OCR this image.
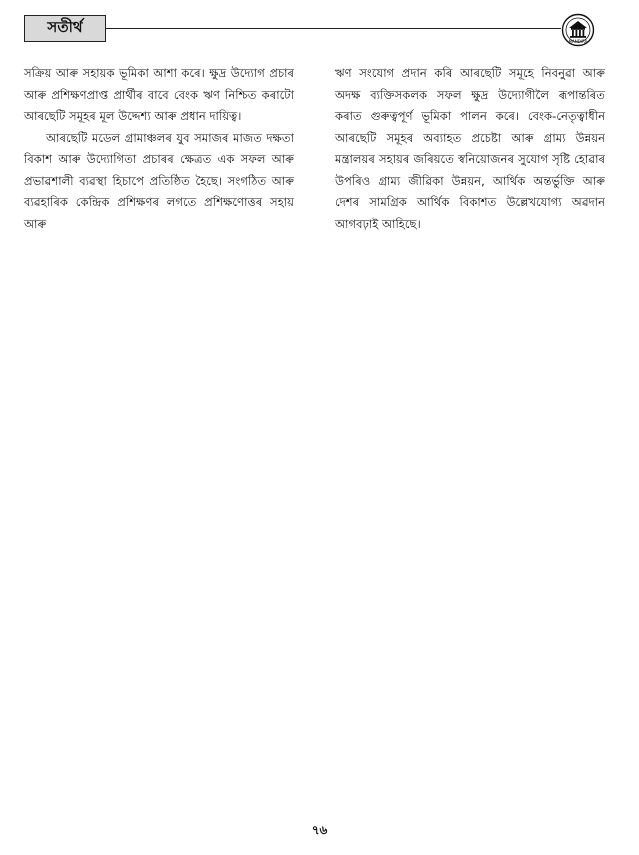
সতীৰ্থ
MANDIRA

সক্রিয় আৰু সহায়ক ভূমিকা আশা কৰে। ক্ষুদ্ৰ উদ্যোগ প্ৰচাৰ আৰু প্ৰশিক্ষণপ্ৰাপ্ত প্ৰাৰ্থীৰ বাবে বেংক ঋণ নিশ্চিত কৰাটো আৰছেটি সমূহৰ মূল উদ্দেশ্য আৰু প্ৰধান দায়িত্ব।

আৰছেটি মডেল গ্ৰামাঞ্চলৰ যুব সমাজৰ মাজত দক্ষতা বিকাশ আৰু উদ্যোগিতা প্ৰচাৰৰ ক্ষেত্ৰত এক সফল আৰু প্ৰভাৱশালী ব্যৱস্থা হিচাপে প্ৰতিষ্ঠিত হৈছে। সংগঠিত আৰু ব্যৱহাৰিক কেন্দ্ৰিক প্ৰশিক্ষণৰ লগতে প্ৰশিক্ষণোত্তৰ সহায় আৰু

ঋণ সংযোগ প্ৰদান কৰি আৰছেটি সমূহে নিবনুৱা আৰু অদক্ষ ব্যক্তিসকলক সফল ক্ষুদ্ৰ উদ্যোগীলৈ ৰূপান্তৰিত কৰাত গুৰুত্বপূৰ্ণ ভূমিকা পালন কৰে। বেংক-নেতৃত্বাধীন আৰছেটি সমূহৰ অব্যাহত প্ৰচেষ্টা আৰু গ্ৰাম্য উন্নয়ন মন্ত্ৰালয়ৰ সহায়ৰ জৰিয়তে স্বনিয়োজনৰ সুযোগ সৃষ্টি হোৱাৰ উপৰিও গ্ৰাম্য জীৱিকা উন্নয়ন, আৰ্থিক অন্তৰ্ভুক্তি আৰু দেশৰ সামগ্ৰিক আৰ্থিক বিকাশত উল্লেখযোগ্য অৱদান আগবঢ়াই আহিছে।

৭৬
